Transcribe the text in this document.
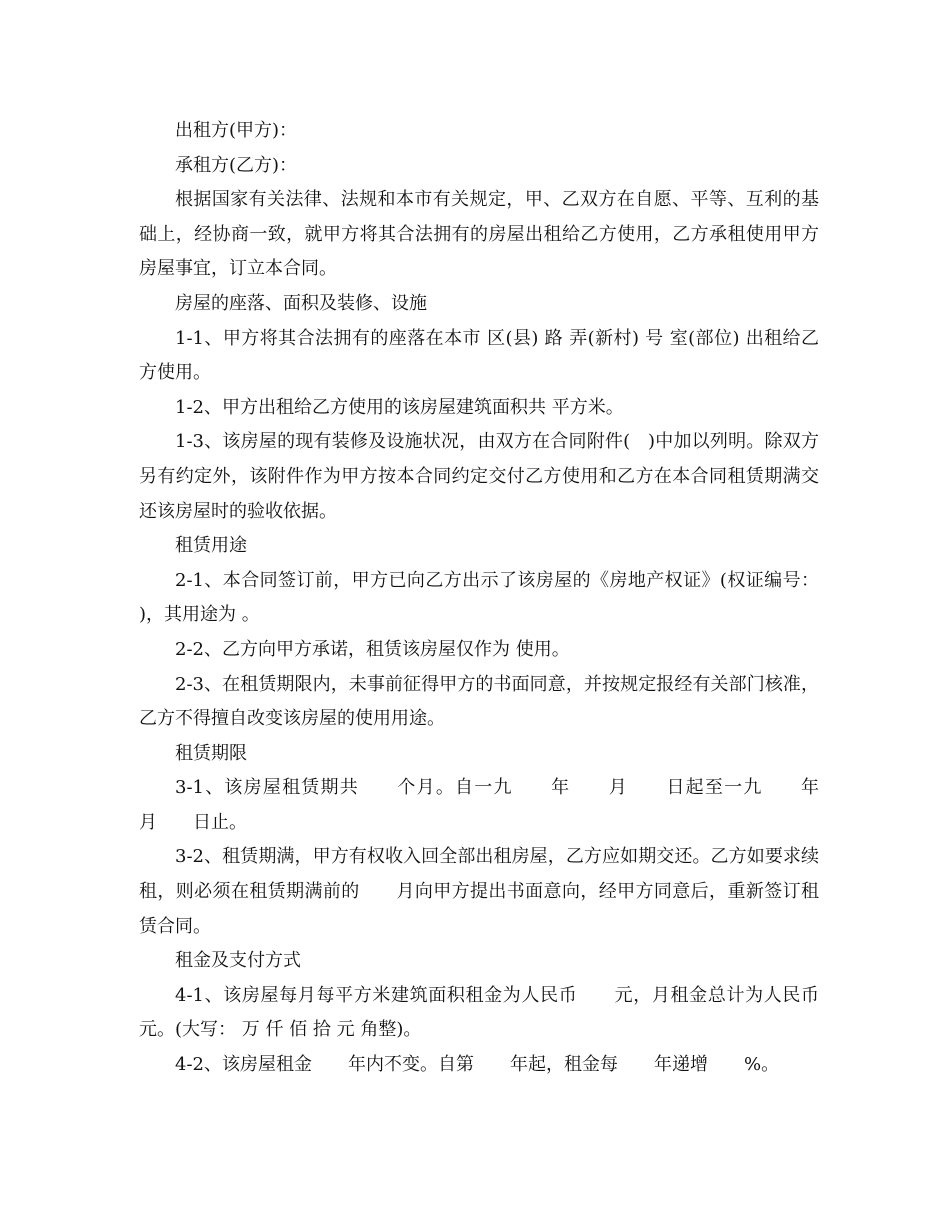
出租方(甲方)：

承租方(乙方)：

根据国家有关法律、法规和本市有关规定，甲、乙双方在自愿、平等、互利的基础上，经协商一致，就甲方将其合法拥有的房屋出租给乙方使用，乙方承租使用甲方房屋事宜，订立本合同。

房屋的座落、面积及装修、设施

1-1、甲方将其合法拥有的座落在本市 区(县) 路 弄(新村) 号 室(部位) 出租给乙方使用。

1-2、甲方出租给乙方使用的该房屋建筑面积共 平方米。

1-3、该房屋的现有装修及设施状况，由双方在合同附件(   )中加以列明。除双方另有约定外，该附件作为甲方按本合同约定交付乙方使用和乙方在本合同租赁期满交还该房屋时的验收依据。

租赁用途

2-1、本合同签订前，甲方已向乙方出示了该房屋的《房地产权证》(权证编号： )，其用途为 。

2-2、乙方向甲方承诺，租赁该房屋仅作为 使用。

2-3、在租赁期限内，未事前征得甲方的书面同意，并按规定报经有关部门核准，乙方不得擅自改变该房屋的使用用途。

租赁期限

3-1、该房屋租赁期共　　个月。自一九　　年　　月　　日起至一九　　年　　月　　日止。

3-2、租赁期满，甲方有权收入回全部出租房屋，乙方应如期交还。乙方如要求续租，则必须在租赁期满前的　　月向甲方提出书面意向，经甲方同意后，重新签订租赁合同。

租金及支付方式

4-1、该房屋每月每平方米建筑面积租金为人民币　　元，月租金总计为人民币　　元。(大写： 万 仟 佰 拾 元 角整)。

4-2、该房屋租金　　年内不变。自第　　年起，租金每　　年递增　　%。
